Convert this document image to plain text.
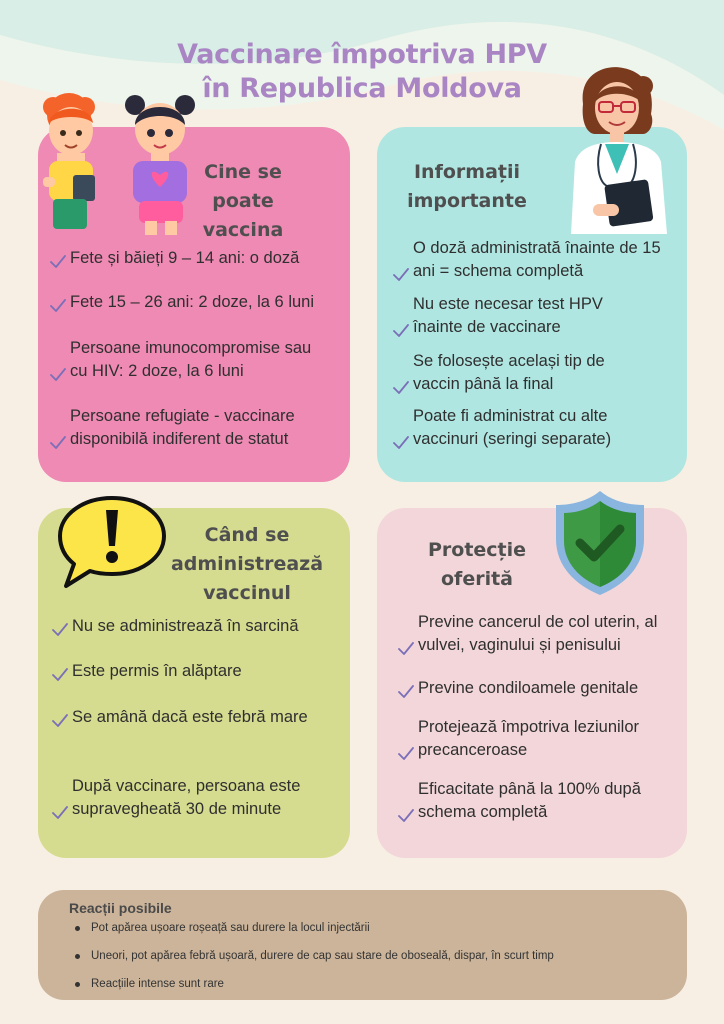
Vaccinare împotriva HPV
în Republica Moldova
Cine se poate
vaccina
Fete și băieți 9 – 14 ani: o doză
Fete 15 – 26 ani: 2 doze, la 6 luni
Persoane imunocompromise sau cu HIV: 2 doze, la 6 luni
Persoane refugiate - vaccinare disponibilă indiferent de statut
Informații
importante
O doză administrată înainte de 15 ani = schema completă
Nu este necesar test HPV înainte de vaccinare
Se folosește același tip de vaccin până la final
Poate fi administrat cu alte vaccinuri (seringi separate)
Când se
administrează
vaccinul
Nu se administrează în sarcină
Este permis în alăptare
Se amână dacă este febră mare
După vaccinare, persoana este supravegheată 30 de minute
Protecție
oferită
Previne cancerul de col uterin, al vulvei, vaginului și penisului
Previne condiloamele genitale
Protejează împotriva leziunilor precanceroase
Eficacitate până la 100% după schema completă
Reacții posibile
Pot apărea ușoare roșeață sau durere la locul injectării
Uneori, pot apărea febră ușoară, durere de cap sau stare de oboseală, dispar, în scurt timp
Reacțiile intense sunt rare
